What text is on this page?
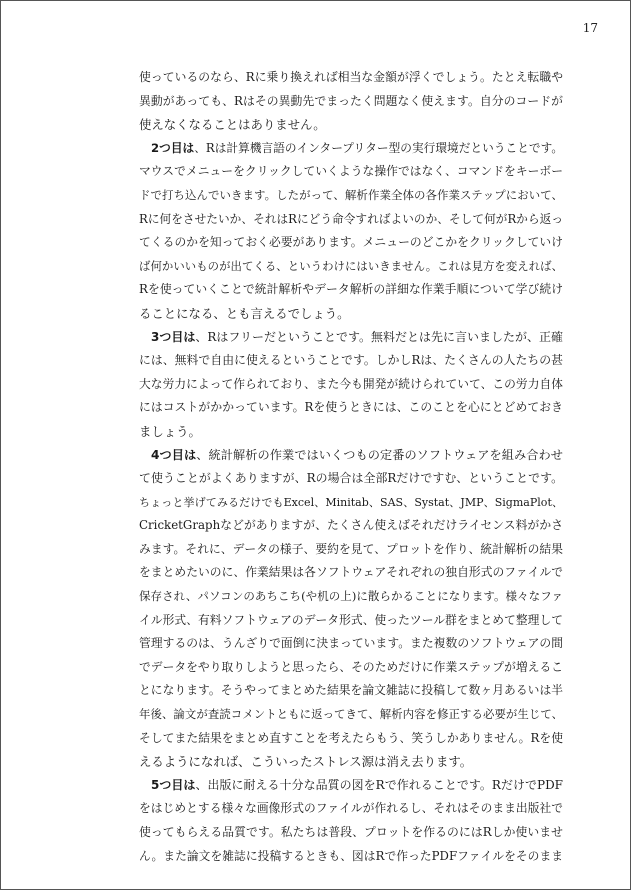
17
使っているのなら、Rに乗り換えれば相当な金額が浮くでしょう。たとえ転職や
異動があっても、Rはその異動先でまったく問題なく使えます。自分のコードが
使えなくなることはありません。
2つ目は、Rは計算機言語のインタープリター型の実行環境だということです。
マウスでメニューをクリックしていくような操作ではなく、コマンドをキーボー
ドで打ち込んでいきます。したがって、解析作業全体の各作業ステップにおいて、
Rに何をさせたいか、それはRにどう命令すればよいのか、そして何がRから返っ
てくるのかを知っておく必要があります。メニューのどこかをクリックしていけ
ば何かいいものが出てくる、というわけにはいきません。これは見方を変えれば、
Rを使っていくことで統計解析やデータ解析の詳細な作業手順について学び続け
ることになる、とも言えるでしょう。
3つ目は、Rはフリーだということです。無料だとは先に言いましたが、正確
には、無料で自由に使えるということです。しかしRは、たくさんの人たちの甚
大な労力によって作られており、また今も開発が続けられていて、この労力自体
にはコストがかかっています。Rを使うときには、このことを心にとどめておき
ましょう。
4つ目は、統計解析の作業ではいくつもの定番のソフトウェアを組み合わせ
て使うことがよくありますが、Rの場合は全部Rだけですむ、ということです。
ちょっと挙げてみるだけでもExcel、Minitab、SAS、Systat、JMP、SigmaPlot、
CricketGraphなどがありますが、たくさん使えばそれだけライセンス料がかさ
みます。それに、データの様子、要約を見て、プロットを作り、統計解析の結果
をまとめたいのに、作業結果は各ソフトウェアそれぞれの独自形式のファイルで
保存され、パソコンのあちこち(や机の上)に散らかることになります。様々なファ
イル形式、有料ソフトウェアのデータ形式、使ったツール群をまとめて整理して
管理するのは、うんざりで面倒に決まっています。また複数のソフトウェアの間
でデータをやり取りしようと思ったら、そのためだけに作業ステップが増えるこ
とになります。そうやってまとめた結果を論文雑誌に投稿して数ヶ月あるいは半
年後、論文が査読コメントともに返ってきて、解析内容を修正する必要が生じて、
そしてまた結果をまとめ直すことを考えたらもう、笑うしかありません。Rを使
えるようになれば、こういったストレス源は消え去ります。
5つ目は、出版に耐える十分な品質の図をRで作れることです。RだけでPDF
をはじめとする様々な画像形式のファイルが作れるし、それはそのまま出版社で
使ってもらえる品質です。私たちは普段、プロットを作るのにはRしか使いませ
ん。また論文を雑誌に投稿するときも、図はRで作ったPDFファイルをそのまま
